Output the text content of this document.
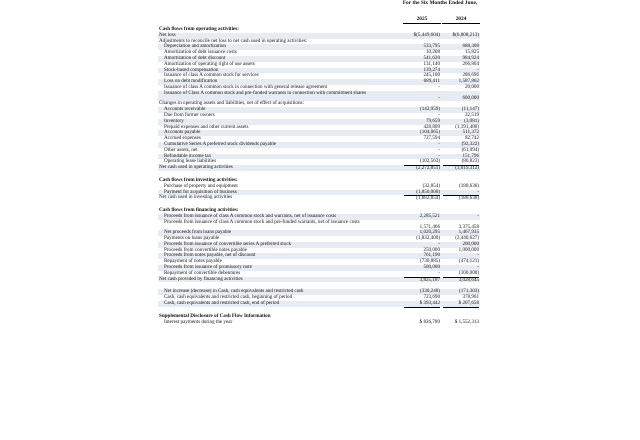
For the Six Months Ended June,
2025	2024
Cash flows from operating activities:
Net loss	$(5,449,604)	$(6,808,213)
Adjustments to reconcile net loss to net cash used in operating activities:
Depreciation and amortization	533,795	688,308
Amortization of debt issuance costs	10,208	15,825
Amortization of debt discount	541,620	984,924
Amortization of operating right of use assets	131,140	266,804
Stock-based compensation	139,274	-
Issuance of class A common stock for services	245,100	286,696
Loss on debt modification	689,411	1,587,862
Issuance of class A common stock in connection with general release agreement	-	20,000
Issuance of Class A common stock and pre-funded warrants in connection with commitment shares
-	600,000
Changes in operating assets and liabilities, net of effect of acquisitions:
Accounts receivable	(142,959)	(11,147)
Due from former owners	-	32,519
Inventory	79,659	(3,081)
Prepaid expenses and other current assets	428,809	(1,191,480)
Accounts payable	(104,065)	511,372
Accrued expenses	727,594	82,742
Cumulative Series A preferred stock dividends payable	-	(92,322)
Other assets, net	-	(61,094)
Refundable income tax	-	151,796
Operating lease liabilities	(102,563)	(80,823)
Net cash used in operating activities	(2,272,851)	(3,019,312)
Cash flows from investing activities:
Purchase of property and equipment	(32,854)	(180,636)
Payment for acquisition of business	(1,850,000)	-
Net cash used in investing activities	(1,882,854)	(180,636)
Cash flows from financing activities:
Proceeds from issuance of class A common stock and warrants, net of issuance costs	2,285,521	-
Proceeds from issuance of class A common stock and pre-funded warrants, net of issuance costs
1,571,466	3,375,458
Net proceeds from loans payable	1,020,295	1,467,935
Payments on loans payable	(1,832,400)	(2,440,627)
Proceeds from issuance of convertible series A preferred stock	-	200,000
Proceeds from convertible notes payable	250,000	1,000,000
Proceeds from notes payable, net of discount	761,190	-
Repayment of notes payable	(730,885)	(474,121)
Proceeds from issuance of promissory note	500,000	-
Repayment of convertible debentures	-	(100,000)
Net cash provided by financing activities	3,825,187	3,028,645
Net increase (decrease) in Cash, cash equivalents and restricted cash	(330,248)	(171,303)
Cash, cash equivalents and restricted cash, beginning of period	723,690	378,961
Cash, cash equivalents and restricted cash, end of period	$ 393,442	$ 207,658
Supplemental Disclosure of Cash Flow Information
Interest payments during the year	$ 826,780	$ 1,552,313
